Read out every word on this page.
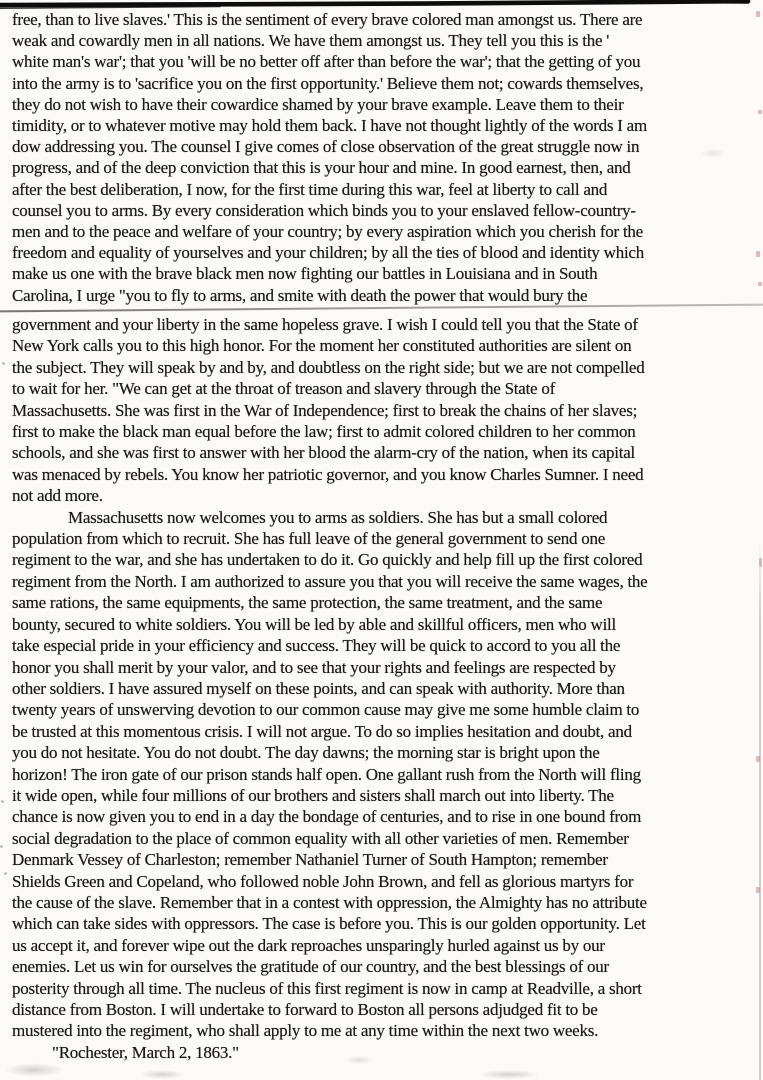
free, than to live slaves.' This is the sentiment of every brave colored man amongst us. There are
weak and cowardly men in all nations. We have them amongst us. They tell you this is the '
white man's war'; that you 'will be no better off after than before the war'; that the getting of you
into the army is to 'sacrifice you on the first opportunity.' Believe them not; cowards themselves,
they do not wish to have their cowardice shamed by your brave example. Leave them to their
timidity, or to whatever motive may hold them back. I have not thought lightly of the words I am
dow addressing you. The counsel I give comes of close observation of the great struggle now in
progress, and of the deep conviction that this is your hour and mine. In good earnest, then, and
after the best deliberation, I now, for the first time during this war, feel at liberty to call and
counsel you to arms. By every consideration which binds you to your enslaved fellow-country-
men and to the peace and welfare of your country; by every aspiration which you cherish for the
freedom and equality of yourselves and your children; by all the ties of blood and identity which
make us one with the brave black men now fighting our battles in Louisiana and in South
Carolina, I urge "you to fly to arms, and smite with death the power that would bury the
government and your liberty in the same hopeless grave. I wish I could tell you that the State of
New York calls you to this high honor. For the moment her constituted authorities are silent on
the subject. They will speak by and by, and doubtless on the right side; but we are not compelled
to wait for her. "We can get at the throat of treason and slavery through the State of
Massachusetts. She was first in the War of Independence; first to break the chains of her slaves;
first to make the black man equal before the law; first to admit colored children to her common
schools, and she was first to answer with her blood the alarm-cry of the nation, when its capital
was menaced by rebels. You know her patriotic governor, and you know Charles Sumner. I need
not add more.
	Massachusetts now welcomes you to arms as soldiers. She has but a small colored
population from which to recruit. She has full leave of the general government to send one
regiment to the war, and she has undertaken to do it. Go quickly and help fill up the first colored
regiment from the North. I am authorized to assure you that you will receive the same wages, the
same rations, the same equipments, the same protection, the same treatment, and the same
bounty, secured to white soldiers. You will be led by able and skillful officers, men who will
take especial pride in your efficiency and success. They will be quick to accord to you all the
honor you shall merit by your valor, and to see that your rights and feelings are respected by
other soldiers. I have assured myself on these points, and can speak with authority. More than
twenty years of unswerving devotion to our common cause may give me some humble claim to
be trusted at this momentous crisis. I will not argue. To do so implies hesitation and doubt, and
you do not hesitate. You do not doubt. The day dawns; the morning star is bright upon the
horizon! The iron gate of our prison stands half open. One gallant rush from the North will fling
it wide open, while four millions of our brothers and sisters shall march out into liberty. The
chance is now given you to end in a day the bondage of centuries, and to rise in one bound from
social degradation to the place of common equality with all other varieties of men. Remember
Denmark Vessey of Charleston; remember Nathaniel Turner of South Hampton; remember
Shields Green and Copeland, who followed noble John Brown, and fell as glorious martyrs for
the cause of the slave. Remember that in a contest with oppression, the Almighty has no attribute
which can take sides with oppressors. The case is before you. This is our golden opportunity. Let
us accept it, and forever wipe out the dark reproaches unsparingly hurled against us by our
enemies. Let us win for ourselves the gratitude of our country, and the best blessings of our
posterity through all time. The nucleus of this first regiment is now in camp at Readville, a short
distance from Boston. I will undertake to forward to Boston all persons adjudged fit to be
mustered into the regiment, who shall apply to me at any time within the next two weeks.
"Rochester, March 2, 1863."
